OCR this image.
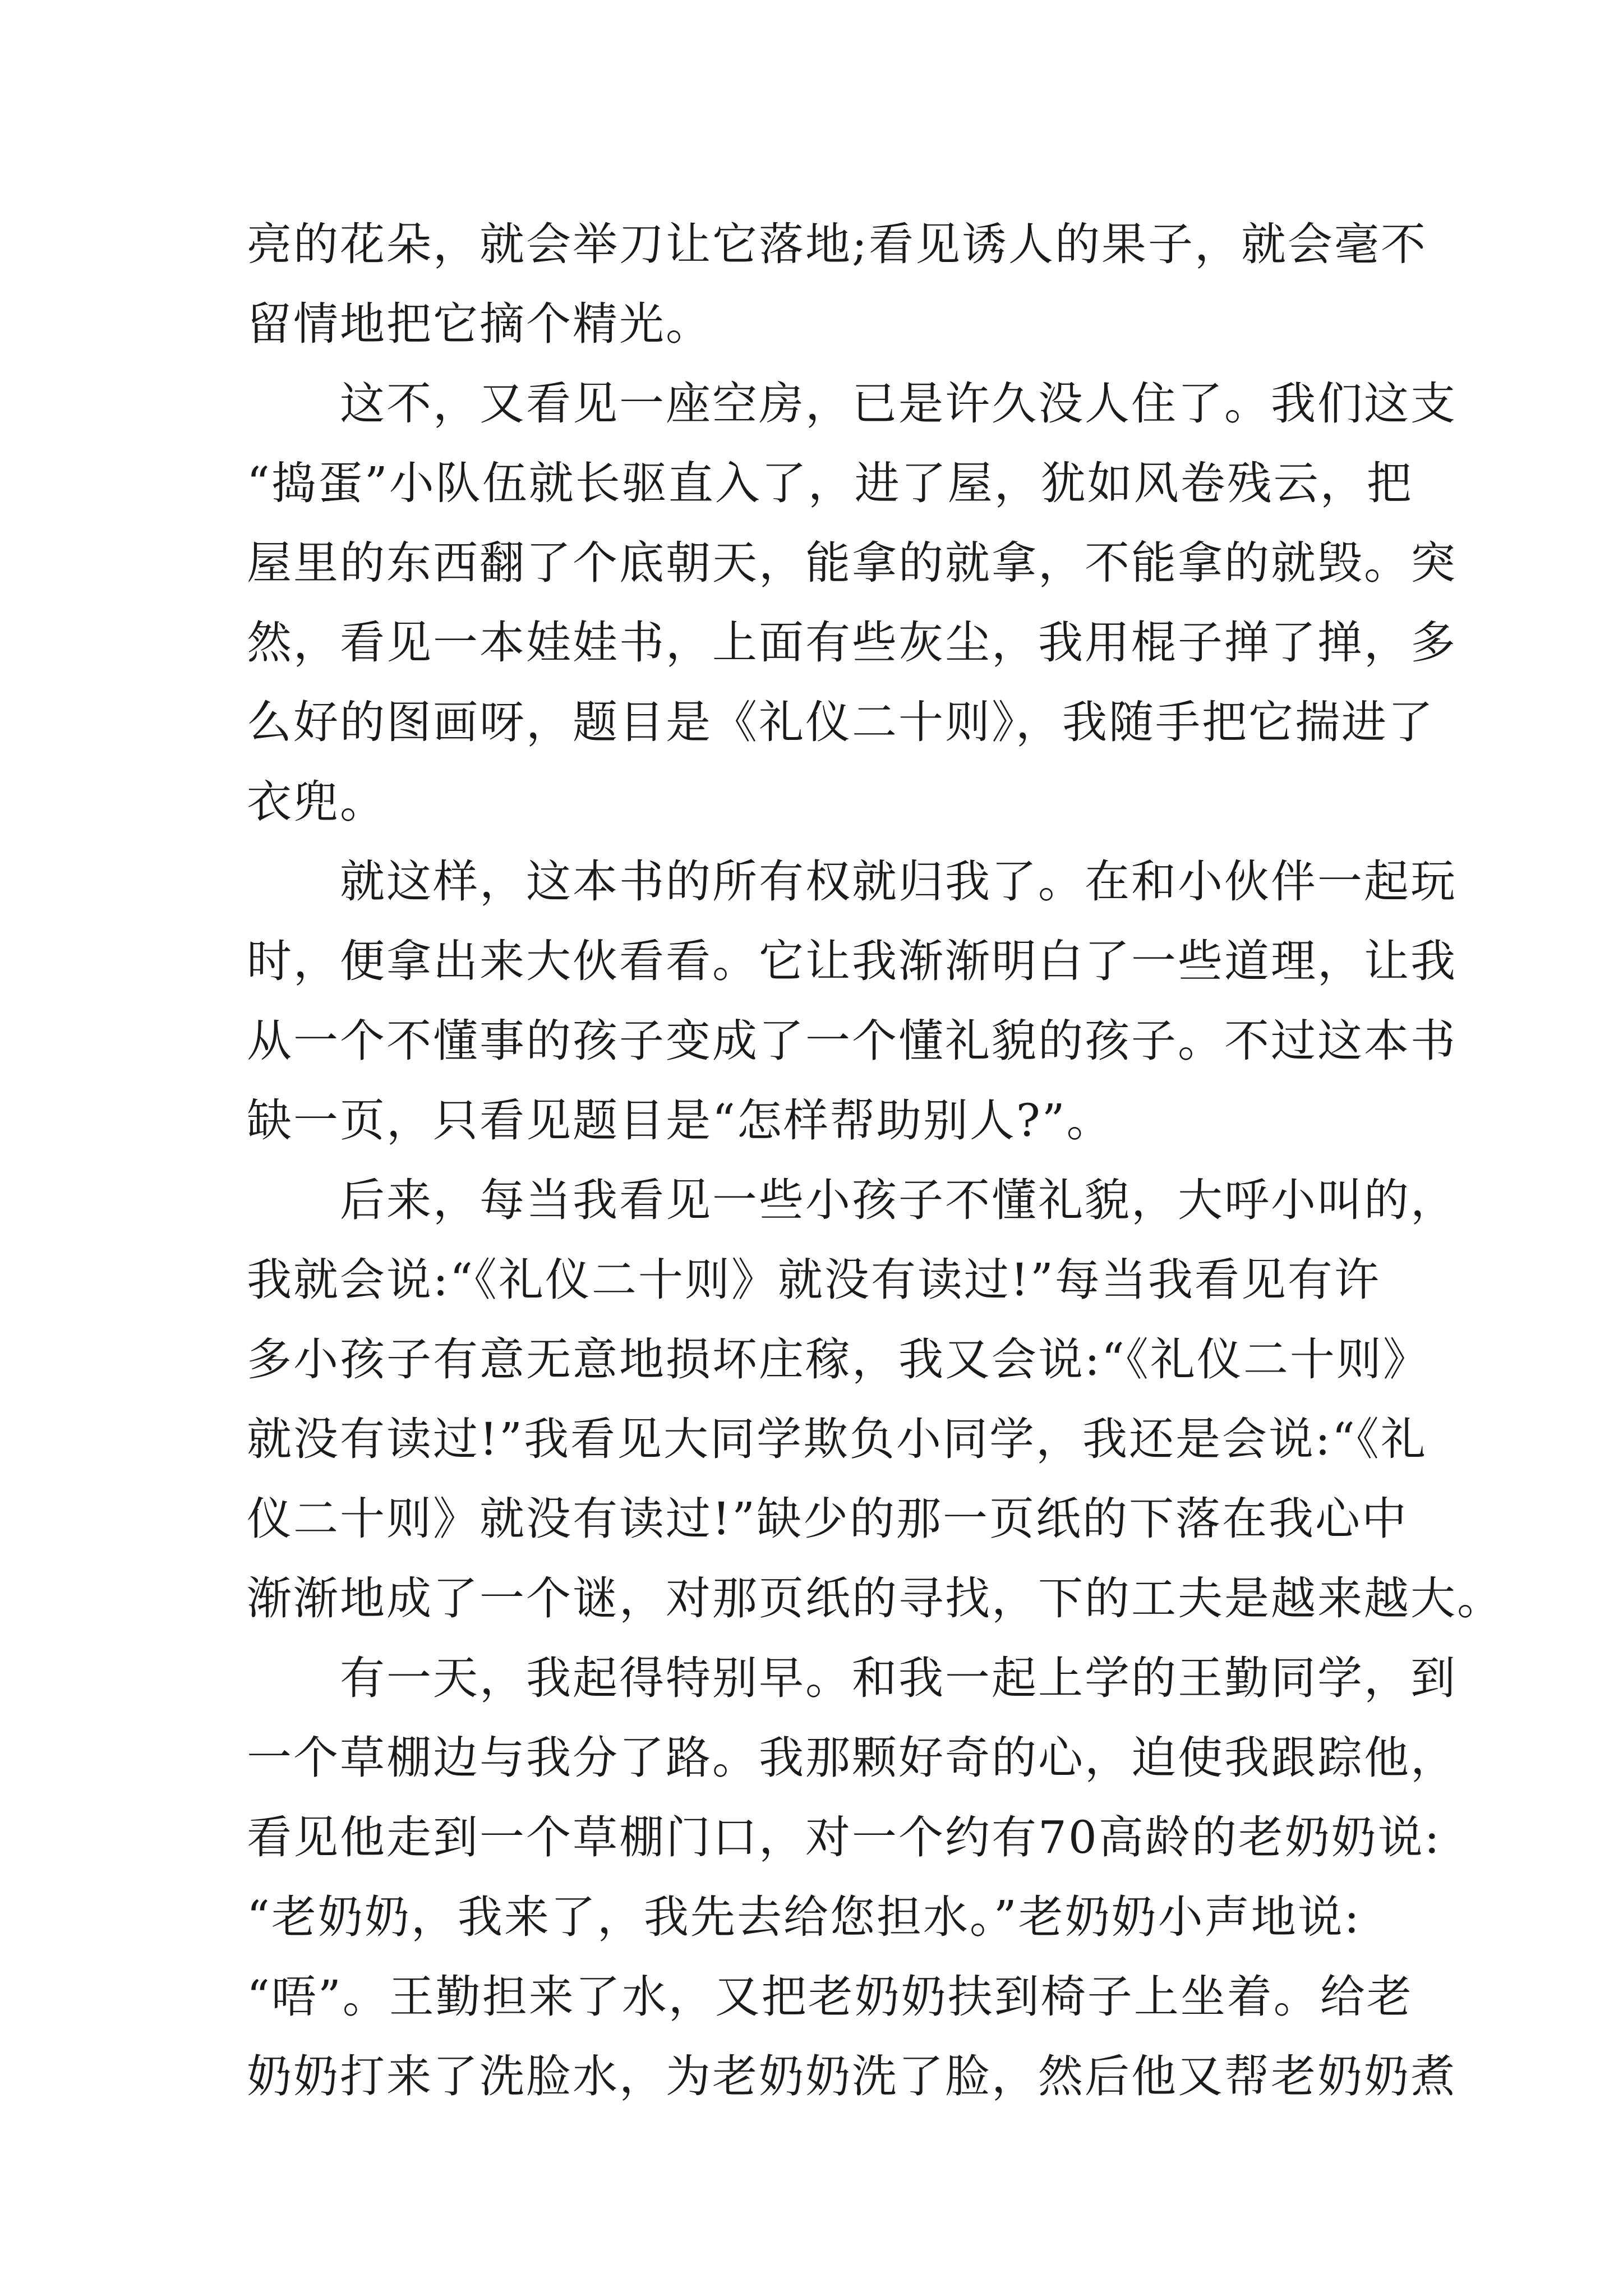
亮的花朵，就会举刀让它落地;看见诱人的果子，就会毫不
留情地把它摘个精光。
　　这不，又看见一座空房，已是许久没人住了。我们这支
“捣蛋”小队伍就长驱直入了，进了屋，犹如风卷残云，把
屋里的东西翻了个底朝天，能拿的就拿，不能拿的就毁。突
然，看见一本娃娃书，上面有些灰尘，我用棍子掸了掸，多
么好的图画呀，题目是《礼仪二十则》，我随手把它揣进了
衣兜。
　　就这样，这本书的所有权就归我了。在和小伙伴一起玩
时，便拿出来大伙看看。它让我渐渐明白了一些道理，让我
从一个不懂事的孩子变成了一个懂礼貌的孩子。不过这本书
缺一页，只看见题目是“怎样帮助别人?”。
　　后来，每当我看见一些小孩子不懂礼貌，大呼小叫的，
我就会说:“《礼仪二十则》就没有读过!”每当我看见有许
多小孩子有意无意地损坏庄稼，我又会说:“《礼仪二十则》
就没有读过!”我看见大同学欺负小同学，我还是会说:“《礼
仪二十则》就没有读过!”缺少的那一页纸的下落在我心中
渐渐地成了一个谜，对那页纸的寻找，下的工夫是越来越大。
　　有一天，我起得特别早。和我一起上学的王勤同学，到
一个草棚边与我分了路。我那颗好奇的心，迫使我跟踪他，
看见他走到一个草棚门口，对一个约有70高龄的老奶奶说:
“老奶奶，我来了，我先去给您担水。”老奶奶小声地说:
“唔”。王勤担来了水，又把老奶奶扶到椅子上坐着。给老
奶奶打来了洗脸水，为老奶奶洗了脸，然后他又帮老奶奶煮
